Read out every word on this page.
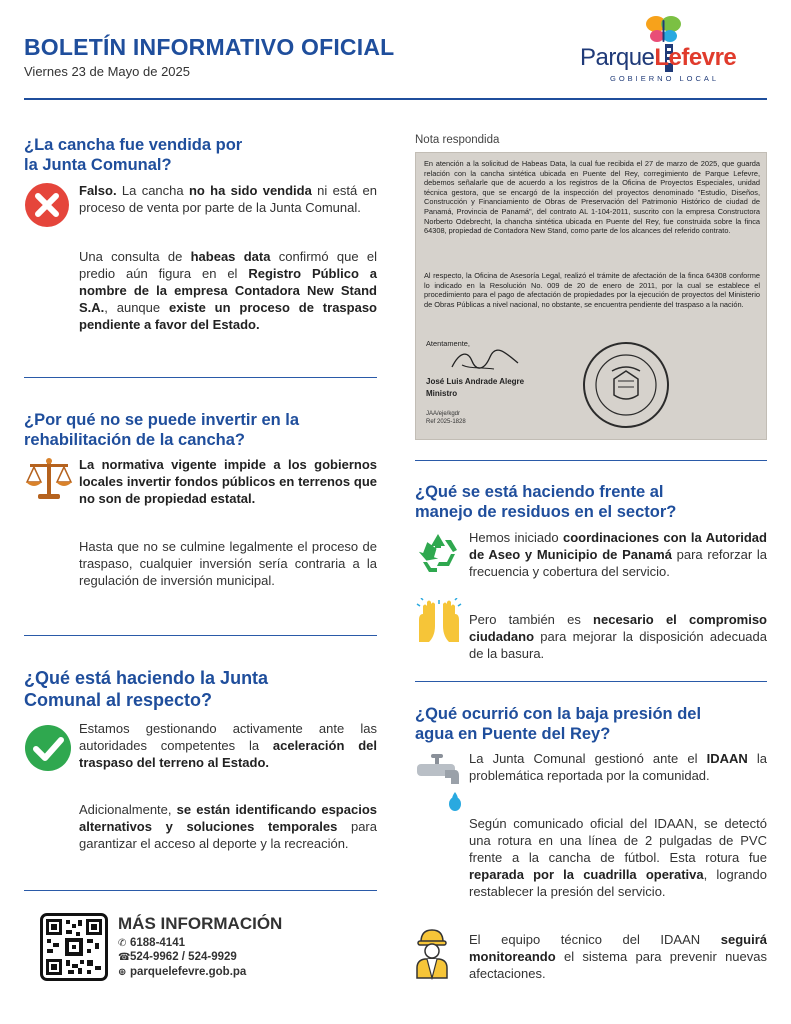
BOLETÍN INFORMATIVO OFICIAL
Viernes 23 de Mayo de 2025
ParqueLefevre
GOBIERNO LOCAL
¿La cancha fue vendida por
la Junta Comunal?
Falso. La cancha no ha sido vendida ni está en proceso de venta por parte de la Junta Comunal.
Una consulta de habeas data confirmó que el predio aún figura en el Registro Público a nombre de la empresa Contadora New Stand S.A., aunque existe un proceso de traspaso pendiente a favor del Estado.
¿Por qué no se puede invertir en la
rehabilitación de la cancha?
La normativa vigente impide a los gobiernos locales invertir fondos públicos en terrenos que no son de propiedad estatal.
Hasta que no se culmine legalmente el proceso de traspaso, cualquier inversión sería contraria a la regulación de inversión municipal.
¿Qué está haciendo la Junta
Comunal al respecto?
Estamos gestionando activamente ante las autoridades competentes la aceleración del traspaso del terreno al Estado.
Adicionalmente, se están identificando espacios alternativos y soluciones temporales para garantizar el acceso al deporte y la recreación.
MÁS INFORMACIÓN
✆ 6188-4141
☎524-9962 / 524-9929
⊕ parquelefevre.gob.pa
Nota respondida
En atención a la solicitud de Habeas Data, la cual fue recibida el 27 de marzo de 2025, que guarda relación con la cancha sintética ubicada en Puente del Rey, corregimiento de Parque Lefevre, debemos señalarle que de acuerdo a los registros de la Oficina de Proyectos Especiales, unidad técnica gestora, que se encargó de la inspección del proyectos denominado "Estudio, Diseños, Construcción y Financiamiento de Obras de Preservación del Patrimonio Histórico de ciudad de Panamá, Provincia de Panamá", del contrato AL 1-104-2011, suscrito con la empresa Constructora Norberto Odebrecht, la chancha sintética ubicada en Puente del Rey, fue construida sobre la finca 64308, propiedad de Contadora New Stand, como parte de los alcances del referido contrato.
Al respecto, la Oficina de Asesoría Legal, realizó el trámite de afectación de la finca 64308 conforme lo indicado en la Resolución No. 009 de 20 de enero de 2011, por la cual se establece el procedimiento para el pago de afectación de propiedades por la ejecución de proyectos del Ministerio de Obras Públicas a nivel nacional, no obstante, se encuentra pendiente del traspaso a la nación.
Atentamente,
José Luis Andrade Alegre
Ministro
JAA/eje/kgdr
Ref 2025-1828
¿Qué se está haciendo frente al
manejo de residuos en el sector?
Hemos iniciado coordinaciones con la Autoridad de Aseo y Municipio de Panamá para reforzar la frecuencia y cobertura del servicio.
Pero también es necesario el compromiso ciudadano para mejorar la disposición adecuada de la basura.
¿Qué ocurrió con la baja presión del
agua en Puente del Rey?
La Junta Comunal gestionó ante el IDAAN la problemática reportada por la comunidad.
Según comunicado oficial del IDAAN, se detectó una rotura en una línea de 2 pulgadas de PVC frente a la cancha de fútbol. Esta rotura fue reparada por la cuadrilla operativa, logrando restablecer la presión del servicio.
El equipo técnico del IDAAN seguirá monitoreando el sistema para prevenir nuevas afectaciones.
